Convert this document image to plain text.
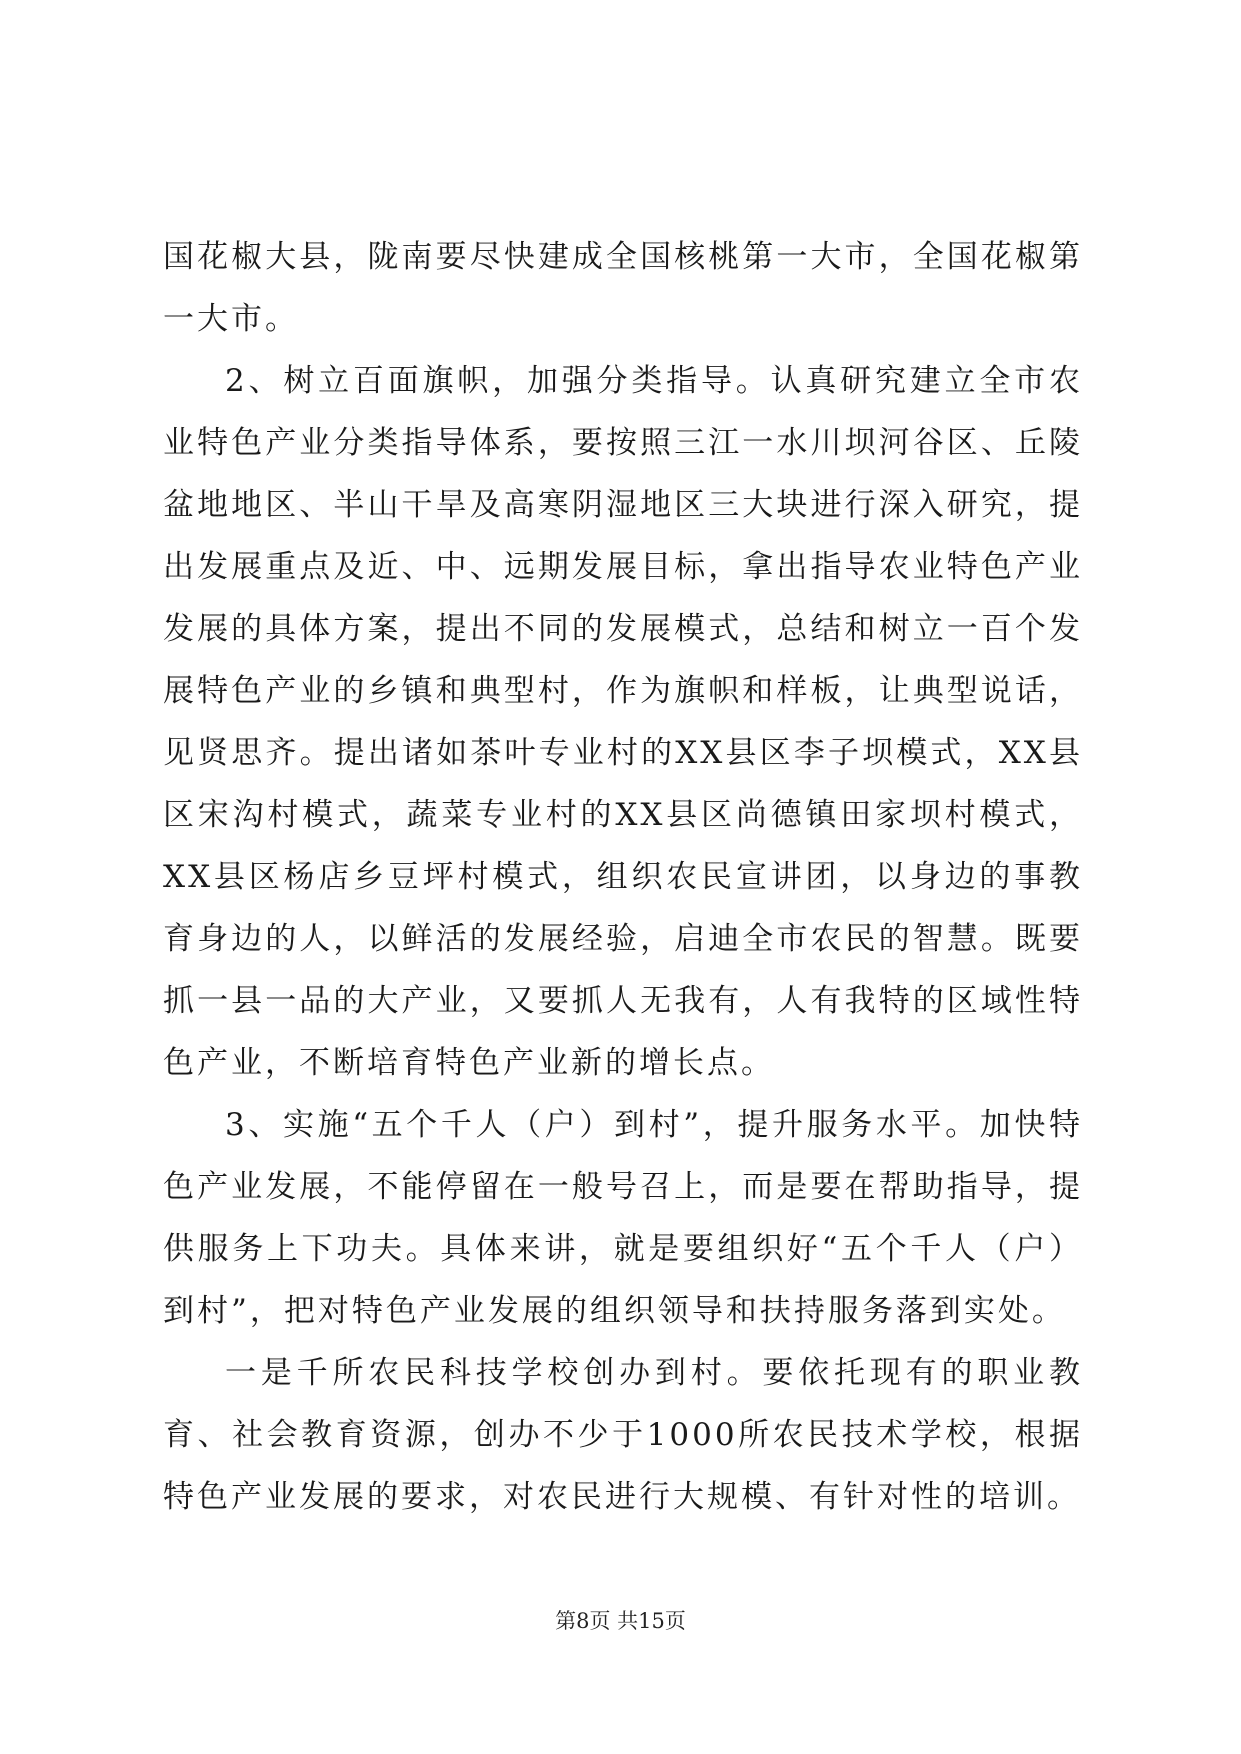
国花椒大县，陇南要尽快建成全国核桃第一大市，全国花椒第一大市。

2、树立百面旗帜，加强分类指导。认真研究建立全市农业特色产业分类指导体系，要按照三江一水川坝河谷区、丘陵盆地地区、半山干旱及高寒阴湿地区三大块进行深入研究，提出发展重点及近、中、远期发展目标，拿出指导农业特色产业发展的具体方案，提出不同的发展模式，总结和树立一百个发展特色产业的乡镇和典型村，作为旗帜和样板，让典型说话，见贤思齐。提出诸如茶叶专业村的XX县区李子坝模式，XX县区宋沟村模式，蔬菜专业村的XX县区尚德镇田家坝村模式，XX县区杨店乡豆坪村模式，组织农民宣讲团，以身边的事教育身边的人，以鲜活的发展经验，启迪全市农民的智慧。既要抓一县一品的大产业，又要抓人无我有，人有我特的区域性特色产业，不断培育特色产业新的增长点。

3、实施“五个千人（户）到村”，提升服务水平。加快特色产业发展，不能停留在一般号召上，而是要在帮助指导，提供服务上下功夫。具体来讲，就是要组织好“五个千人（户）到村”，把对特色产业发展的组织领导和扶持服务落到实处。

一是千所农民科技学校创办到村。要依托现有的职业教育、社会教育资源，创办不少于1000所农民技术学校，根据特色产业发展的要求，对农民进行大规模、有针对性的培训。

第8页 共15页
